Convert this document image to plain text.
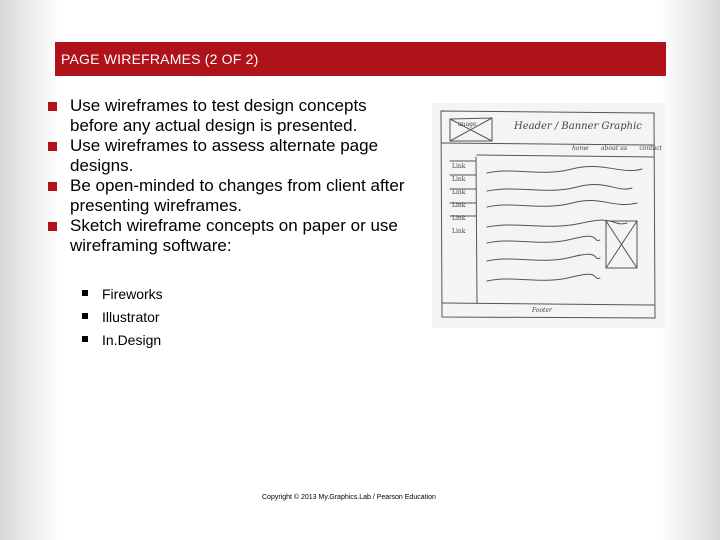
PAGE WIREFRAMES (2 OF 2)
Use wireframes to test design concepts before any actual design is presented.
Use wireframes to assess alternate page designs.
Be open-minded to changes from client after presenting wireframes.
Sketch wireframe concepts on paper or use wireframing software:
Fireworks
Illustrator
In.Design
image	Header / Banner Graphic
home about us contact
Link
Link
Link
Link
Link
Link
Footer
Copyright © 2013 My.Graphics.Lab / Pearson Education
